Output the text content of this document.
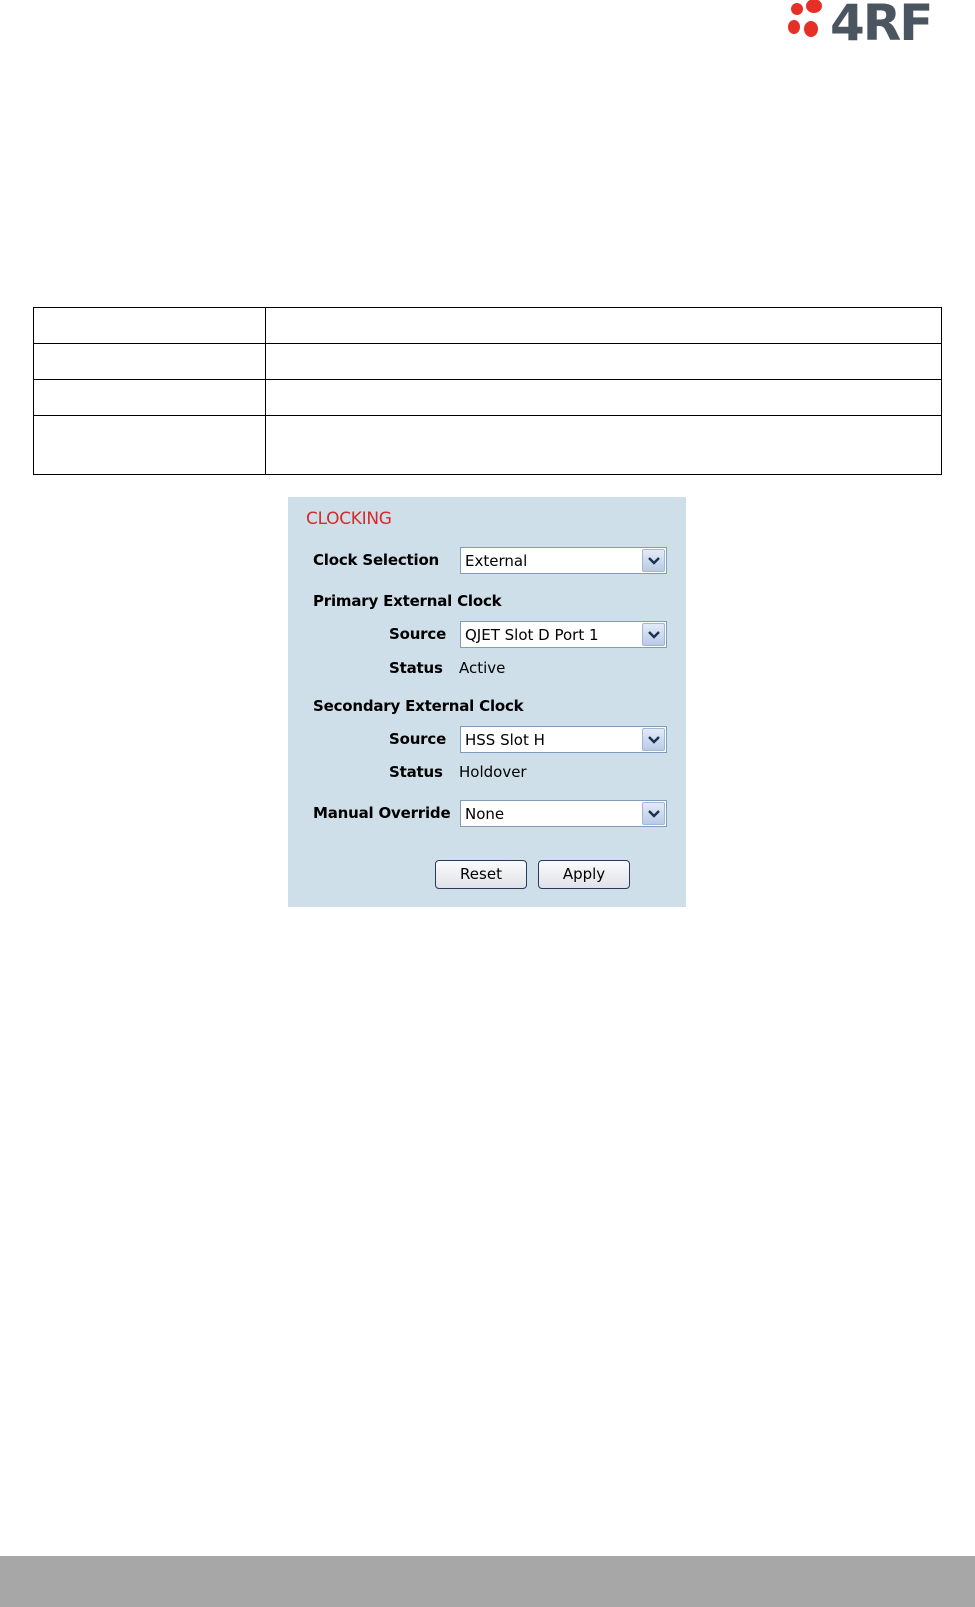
4RF

CLOCKING
Clock Selection External
Primary External Clock
Source QJET Slot D Port 1
Status Active
Secondary External Clock
Source HSS Slot H
Status Holdover
Manual Override None
Reset	Apply
